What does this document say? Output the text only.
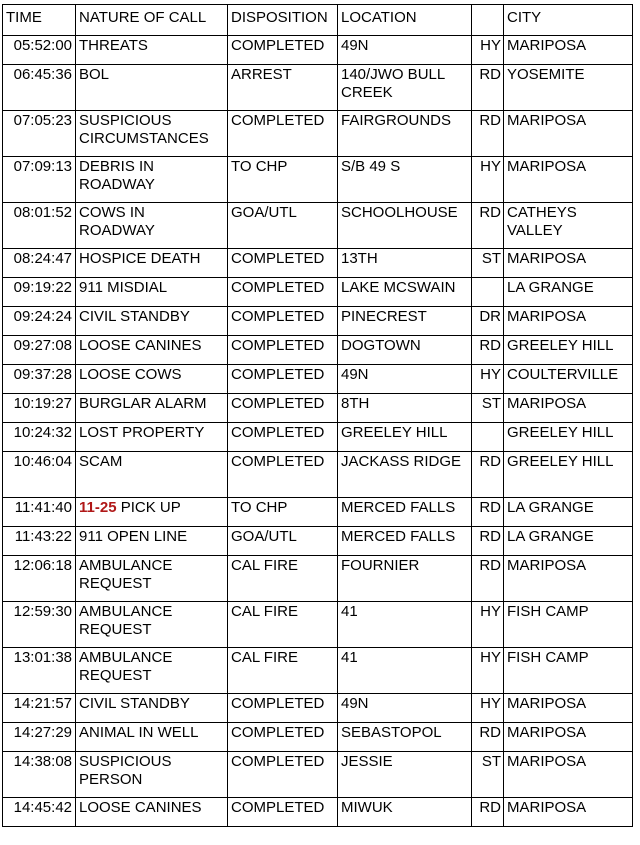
TIME	NATURE OF CALL	DISPOSITION	LOCATION		CITY
05:52:00	THREATS	COMPLETED	49N	HY	MARIPOSA
06:45:36	BOL	ARREST	140/JWO BULL CREEK	RD	YOSEMITE
07:05:23	SUSPICIOUS CIRCUMSTANCES	COMPLETED	FAIRGROUNDS	RD	MARIPOSA
07:09:13	DEBRIS IN ROADWAY	TO CHP	S/B 49 S	HY	MARIPOSA
08:01:52	COWS IN ROADWAY	GOA/UTL	SCHOOLHOUSE	RD	CATHEYS VALLEY
08:24:47	HOSPICE DEATH	COMPLETED	13TH	ST	MARIPOSA
09:19:22	911 MISDIAL	COMPLETED	LAKE MCSWAIN		LA GRANGE
09:24:24	CIVIL STANDBY	COMPLETED	PINECREST	DR	MARIPOSA
09:27:08	LOOSE CANINES	COMPLETED	DOGTOWN	RD	GREELEY HILL
09:37:28	LOOSE COWS	COMPLETED	49N	HY	COULTERVILLE
10:19:27	BURGLAR ALARM	COMPLETED	8TH	ST	MARIPOSA
10:24:32	LOST PROPERTY	COMPLETED	GREELEY HILL		GREELEY HILL
10:46:04	SCAM	COMPLETED	JACKASS RIDGE	RD	GREELEY HILL
11:41:40	11-25 PICK UP	TO CHP	MERCED FALLS	RD	LA GRANGE
11:43:22	911 OPEN LINE	GOA/UTL	MERCED FALLS	RD	LA GRANGE
12:06:18	AMBULANCE REQUEST	CAL FIRE	FOURNIER	RD	MARIPOSA
12:59:30	AMBULANCE REQUEST	CAL FIRE	41	HY	FISH CAMP
13:01:38	AMBULANCE REQUEST	CAL FIRE	41	HY	FISH CAMP
14:21:57	CIVIL STANDBY	COMPLETED	49N	HY	MARIPOSA
14:27:29	ANIMAL IN WELL	COMPLETED	SEBASTOPOL	RD	MARIPOSA
14:38:08	SUSPICIOUS PERSON	COMPLETED	JESSIE	ST	MARIPOSA
14:45:42	LOOSE CANINES	COMPLETED	MIWUK	RD	MARIPOSA
